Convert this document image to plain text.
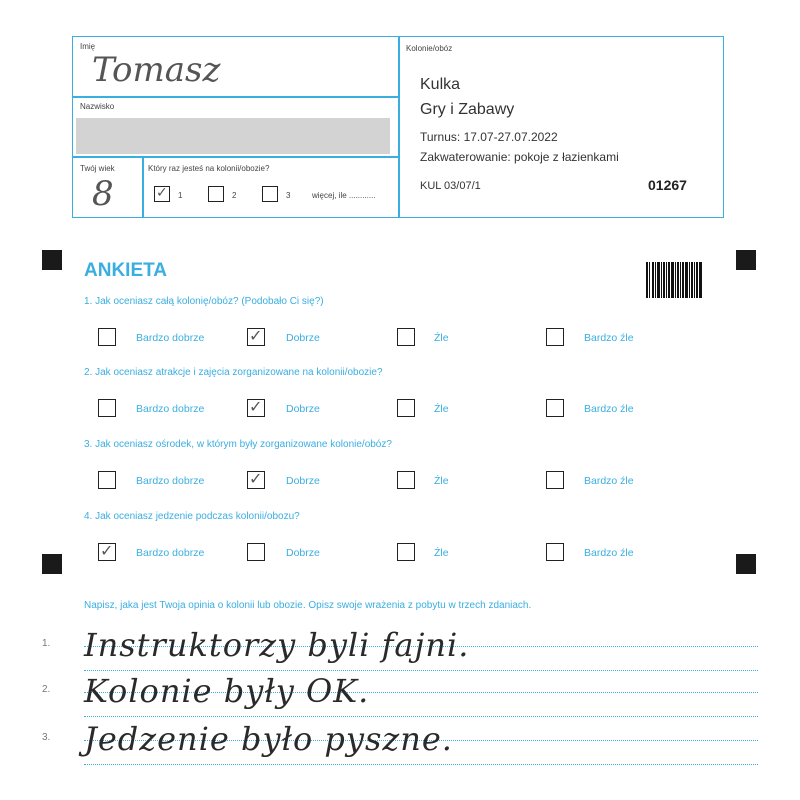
Imię
Tomasz
Nazwisko
Twój wiek
8
Który raz jesteś na kolonii/obozie?
✓ 1	2	3	więcej, ile ............
Kolonie/obóz
Kulka
Gry i Zabawy
Turnus: 17.07-27.07.2022
Zakwaterowanie: pokoje z łazienkami
KUL 03/07/1	01267
ANKIETA
1. Jak oceniasz całą kolonię/obóz? (Podobało Ci się?)
Bardzo dobrze	✓ Dobrze	Źle	Bardzo źle
2. Jak oceniasz atrakcje i zajęcia zorganizowane na kolonii/obozie?
Bardzo dobrze	✓ Dobrze	Źle	Bardzo źle
3. Jak oceniasz ośrodek, w którym były zorganizowane kolonie/obóz?
Bardzo dobrze	✓ Dobrze	Źle	Bardzo źle
4. Jak oceniasz jedzenie podczas kolonii/obozu?
✓ Bardzo dobrze	Dobrze	Źle	Bardzo źle
Napisz, jaka jest Twoja opinia o kolonii lub obozie. Opisz swoje wrażenia z pobytu w trzech zdaniach.
1. Instruktorzy byli fajni.
2. Kolonie były OK.
3. Jedzenie było pyszne.
